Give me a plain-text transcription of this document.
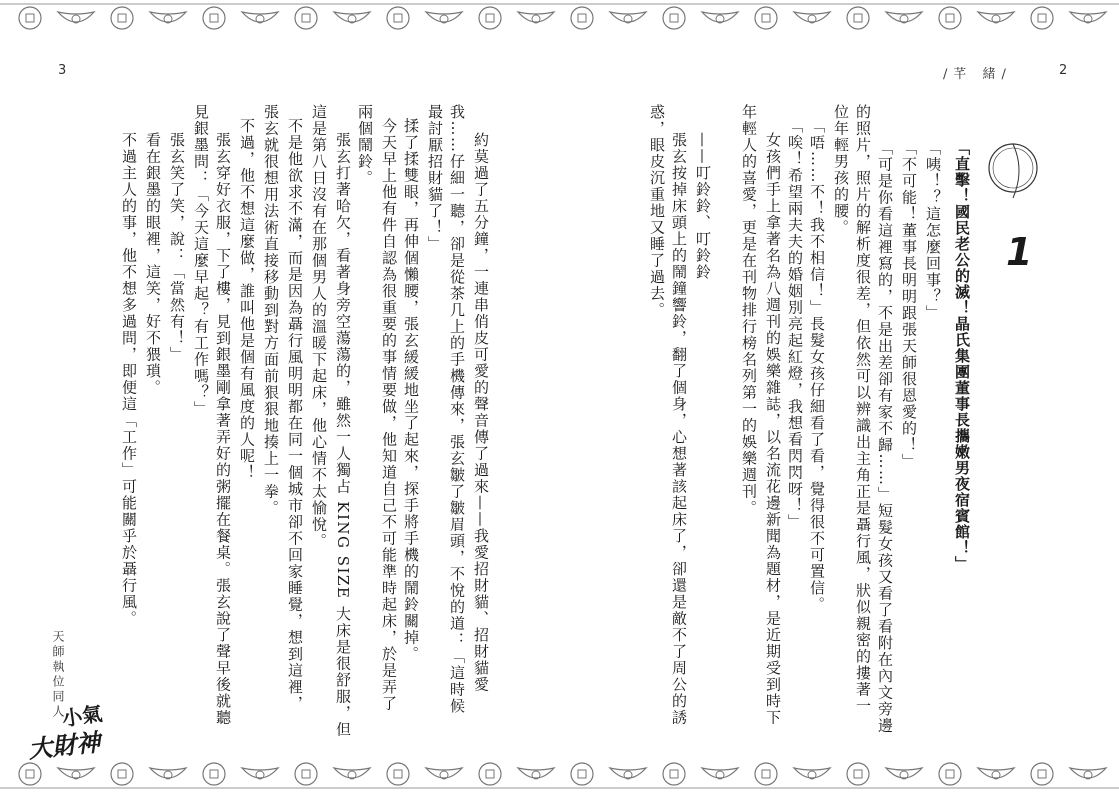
3	2
/芊 緒/
1
「直擊！國民老公的滅！晶氏集團董事長攜嫩男夜宿賓館！」
「咦！？這怎麼回事？」
「不可能！董事長明明跟張天師很恩愛的！」
「可是你看這裡寫的，不是出差卻有家不歸……」短髮女孩又看了看附在內文旁邊
的照片，照片的解析度很差，但依然可以辨識出主角正是聶行風，狀似親密的摟著一
位年輕男孩的腰。
「唔……不！我不相信！」長髮女孩仔細看了看，覺得很不可置信。
「唉！希望兩夫夫的婚姻別亮起紅燈，我想看閃閃呀！」
女孩們手上拿著名為八週刊的娛樂雜誌，以名流花邊新聞為題材，是近期受到時下
年輕人的喜愛，更是在刊物排行榜名列第一的娛樂週刊。
——叮鈴鈴、叮鈴鈴
張玄按掉床頭上的鬧鐘響鈴，翻了個身，心想著該起床了，卻還是敵不了周公的誘
惑，眼皮沉重地又睡了過去。
約莫過了五分鐘，一連串俏皮可愛的聲音傳了過來——我愛招財貓、招財貓愛
我……仔細一聽，卻是從茶几上的手機傳來，張玄皺了皺眉頭，不悅的道：「這時候
最討厭招財貓了！」
揉了揉雙眼，再伸個懶腰，張玄緩緩地坐了起來，探手將手機的鬧鈴關掉。
今天早上他有件自認為很重要的事情要做，他知道自己不可能準時起床，於是弄了
兩個鬧鈴。
張玄打著哈欠，看著身旁空蕩蕩的，雖然一人獨占 KING SIZE 大床是很舒服，但
這是第八日沒有在那個男人的溫暖下起床，他心情不太愉悅。
不是他欲求不滿，而是因為聶行風明明都在同一個城市卻不回家睡覺，想到這裡，
張玄就很想用法術直接移動到對方面前狠狠地揍上一拳。
不過，他不想這麼做，誰叫他是個有風度的人呢！
張玄穿好衣服，下了樓，見到銀墨剛拿著弄好的粥擺在餐桌。張玄說了聲早後就聽
見銀墨問：「今天這麼早起？有工作嗎？」
張玄笑了笑，說：「當然有！」
看在銀墨的眼裡，這笑，好不猥瑣。
不過主人的事，他不想多過問，即便這「工作」可能關乎於聶行風。
天師執位同人
小氣
大財神
